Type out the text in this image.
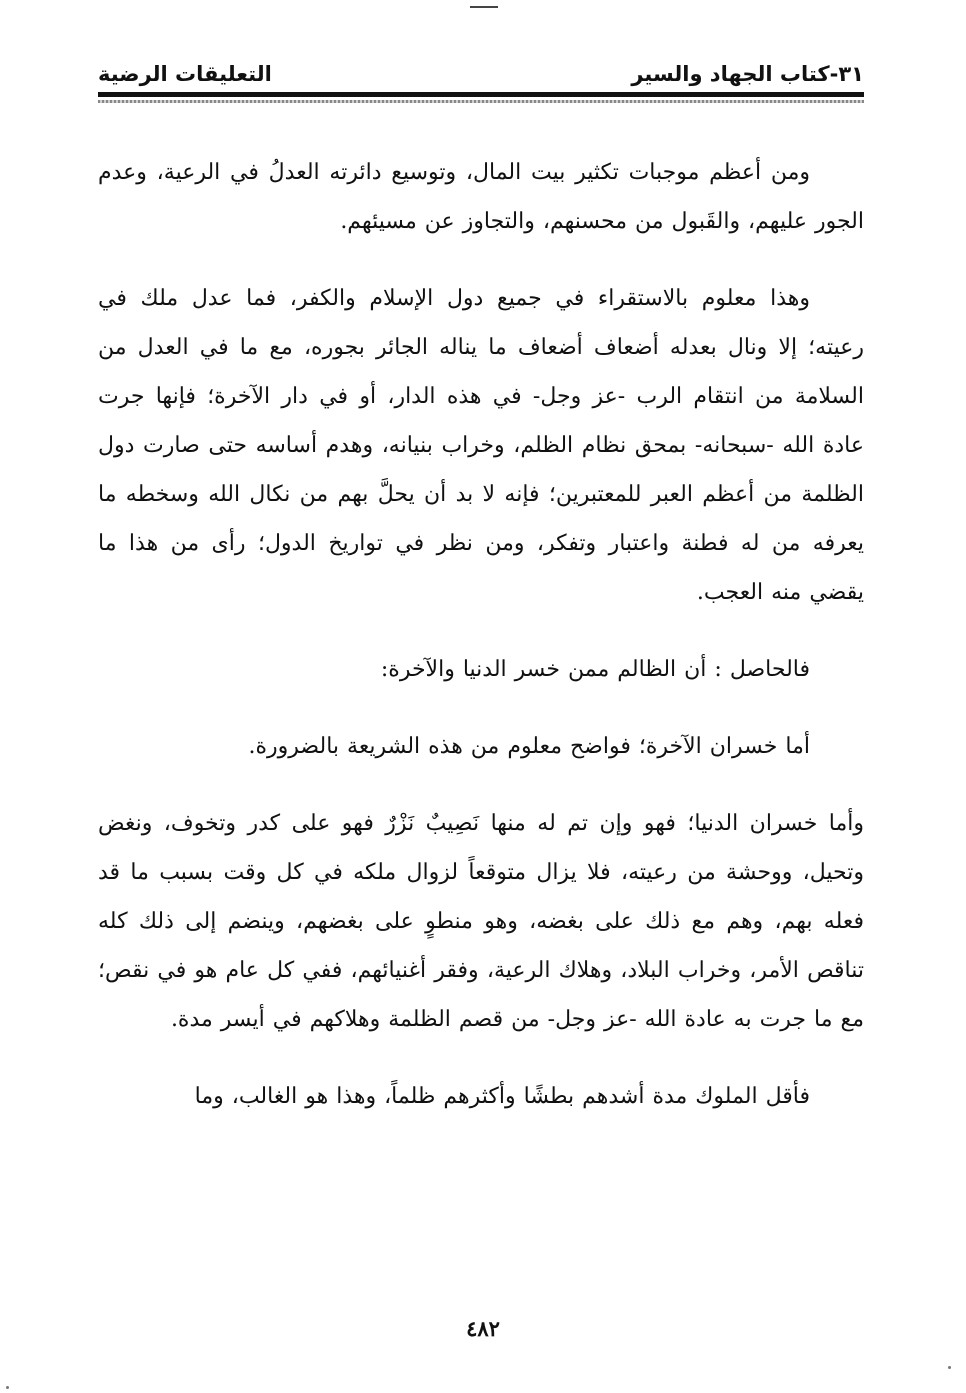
٣١-كتاب الجهاد والسير
التعليقات الرضية

ومن أعظم موجبات تكثير بيت المال، وتوسيع دائرته العدلُ في الرعية، وعدم الجور عليهم، والقَبول من محسنهم، والتجاوز عن مسيئهم.

وهذا معلوم بالاستقراء في جميع دول الإسلام والكفر، فما عدل ملك في رعيته؛ إلا ونال بعدله أضعاف أضعاف ما يناله الجائر بجوره، مع ما في العدل من السلامة من انتقام الرب -عز وجل- في هذه الدار، أو في دار الآخرة؛ فإنها جرت عادة الله -سبحانه- بمحق نظام الظلم، وخراب بنيانه، وهدم أساسه حتى صارت دول الظلمة من أعظم العبر للمعتبرين؛ فإنه لا بد أن يحلَّ بهم من نكال الله وسخطه ما يعرفه من له فطنة واعتبار وتفكر، ومن نظر في تواريخ الدول؛ رأى من هذا ما يقضي منه العجب.

فالحاصل : أن الظالم ممن خسر الدنيا والآخرة:

أما خسران الآخرة؛ فواضح معلوم من هذه الشريعة بالضرورة.

وأما خسران الدنيا؛ فهو وإن تم له منها نَصِيبٌ نَزْرٌ فهو على كدر وتخوف، ونغض وتحيل، ووحشة من رعيته، فلا يزال متوقعاً لزوال ملكه في كل وقت بسبب ما قد فعله بهم، وهم مع ذلك على بغضه، وهو منطوٍ على بغضهم، وينضم إلى ذلك كله تناقص الأمر، وخراب البلاد، وهلاك الرعية، وفقر أغنيائهم، ففي كل عام هو في نقص؛ مع ما جرت به عادة الله -عز وجل- من قصم الظلمة وهلاكهم في أيسر مدة.

فأقل الملوك مدة أشدهم بطشًا وأكثرهم ظلماً، وهذا هو الغالب، وما

٤٨٢
